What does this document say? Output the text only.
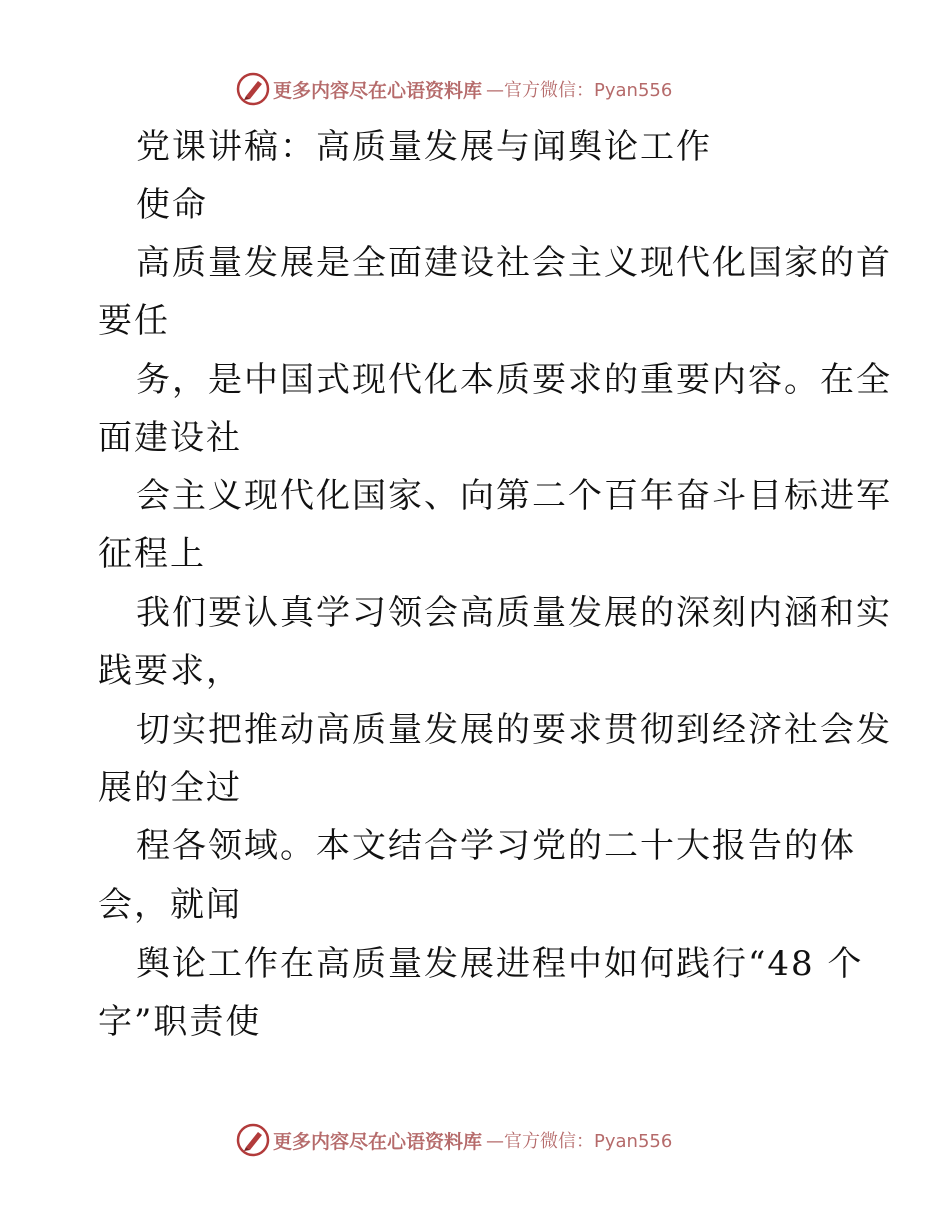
更多内容尽在心语资料库 —官方微信：Pyan556
党课讲稿：高质量发展与闻舆论工作
使命
高质量发展是全面建设社会主义现代化国家的首
要任
务，是中国式现代化本质要求的重要内容。在全
面建设社
会主义现代化国家、向第二个百年奋斗目标进军
征程上
我们要认真学习领会高质量发展的深刻内涵和实
践要求，
切实把推动高质量发展的要求贯彻到经济社会发
展的全过
程各领域。本文结合学习党的二十大报告的体
会，就闻
舆论工作在高质量发展进程中如何践行“48 个
字”职责使
更多内容尽在心语资料库 —官方微信：Pyan556
